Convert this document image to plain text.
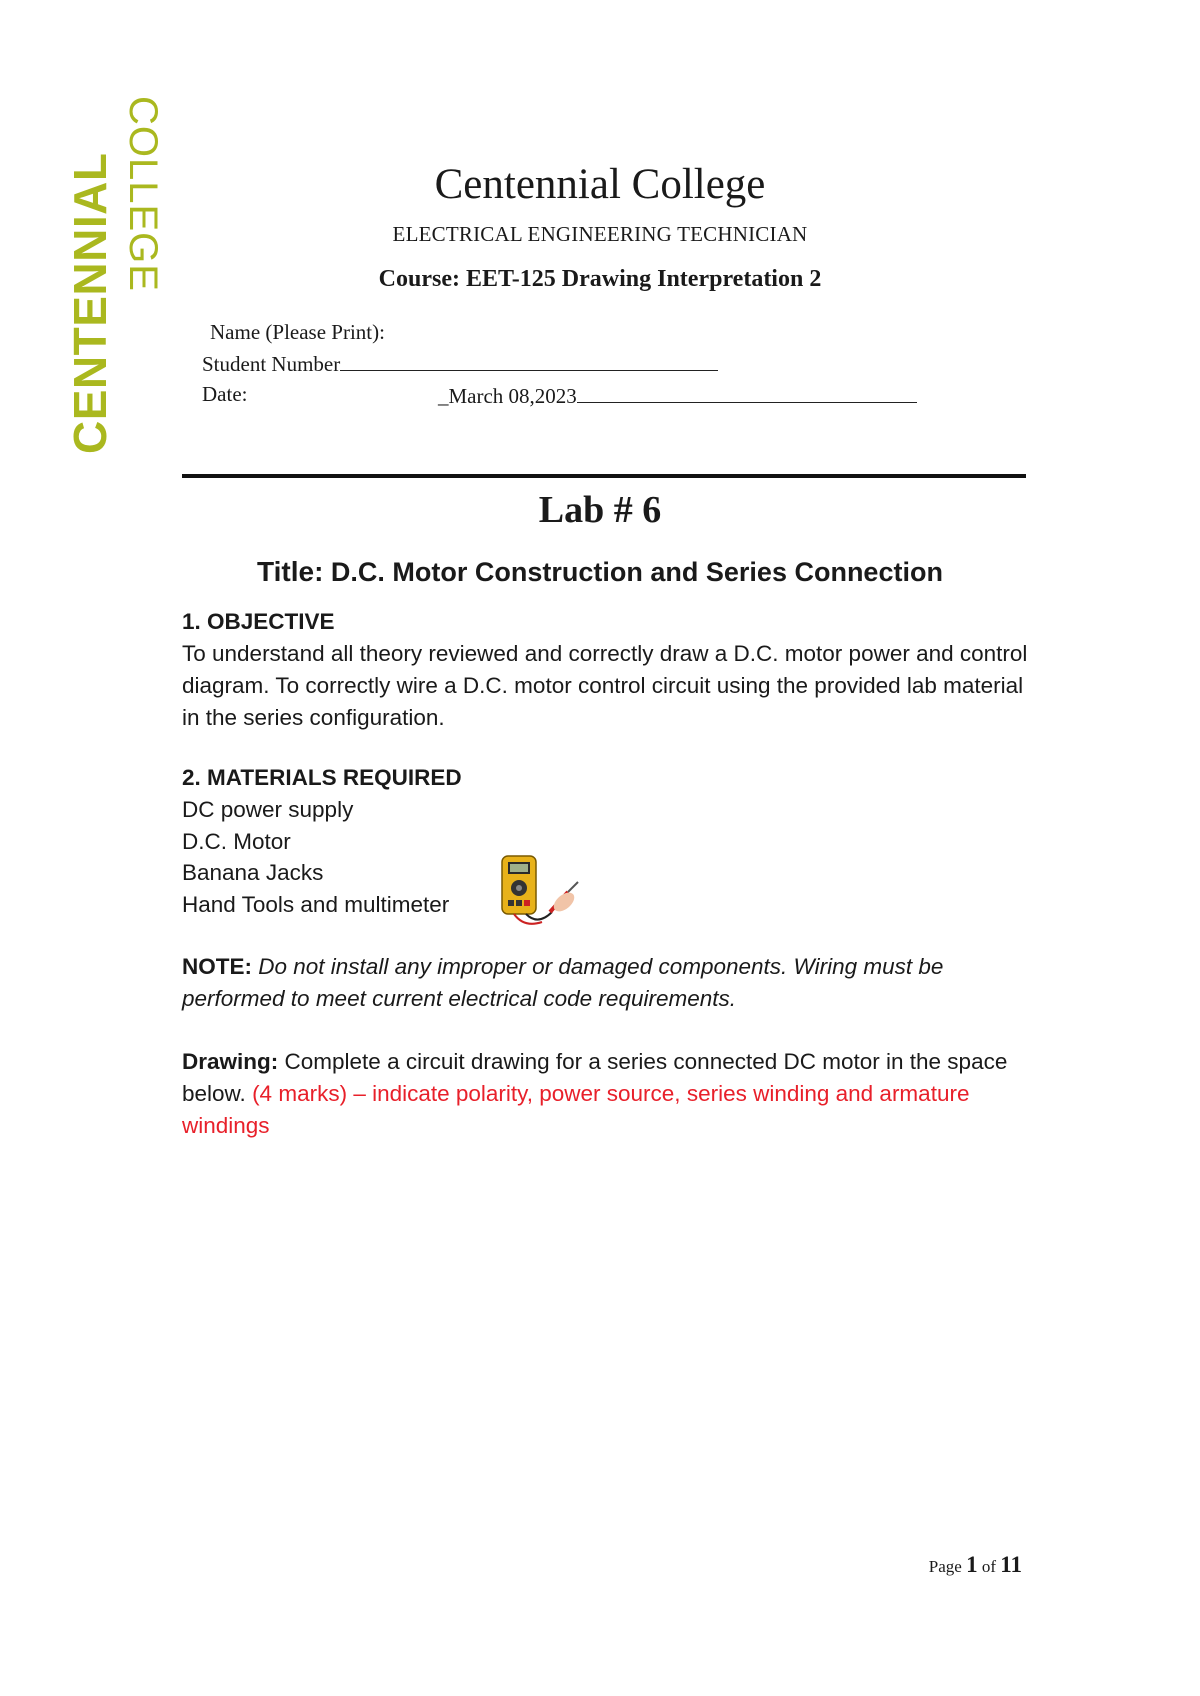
COLLEGE
CENTENNIAL	Centennial College
ELECTRICAL ENGINEERING TECHNICIAN
Course: EET-125 Drawing Interpretation 2
Name (Please Print):
Student Number
Date:	_March 08,2023
Lab # 6
Title: D.C. Motor Construction and Series Connection
1. OBJECTIVE
To understand all theory reviewed and correctly draw a D.C. motor power and control diagram. To correctly wire a D.C. motor control circuit using the provided lab material in the series configuration.
2. MATERIALS REQUIRED
DC power supply
D.C. Motor
Banana Jacks
Hand Tools and multimeter
NOTE: Do not install any improper or damaged components. Wiring must be performed to meet current electrical code requirements.
Drawing: Complete a circuit drawing for a series connected DC motor in the space below. (4 marks) – indicate polarity, power source, series winding and armature windings
Page 1 of 11
